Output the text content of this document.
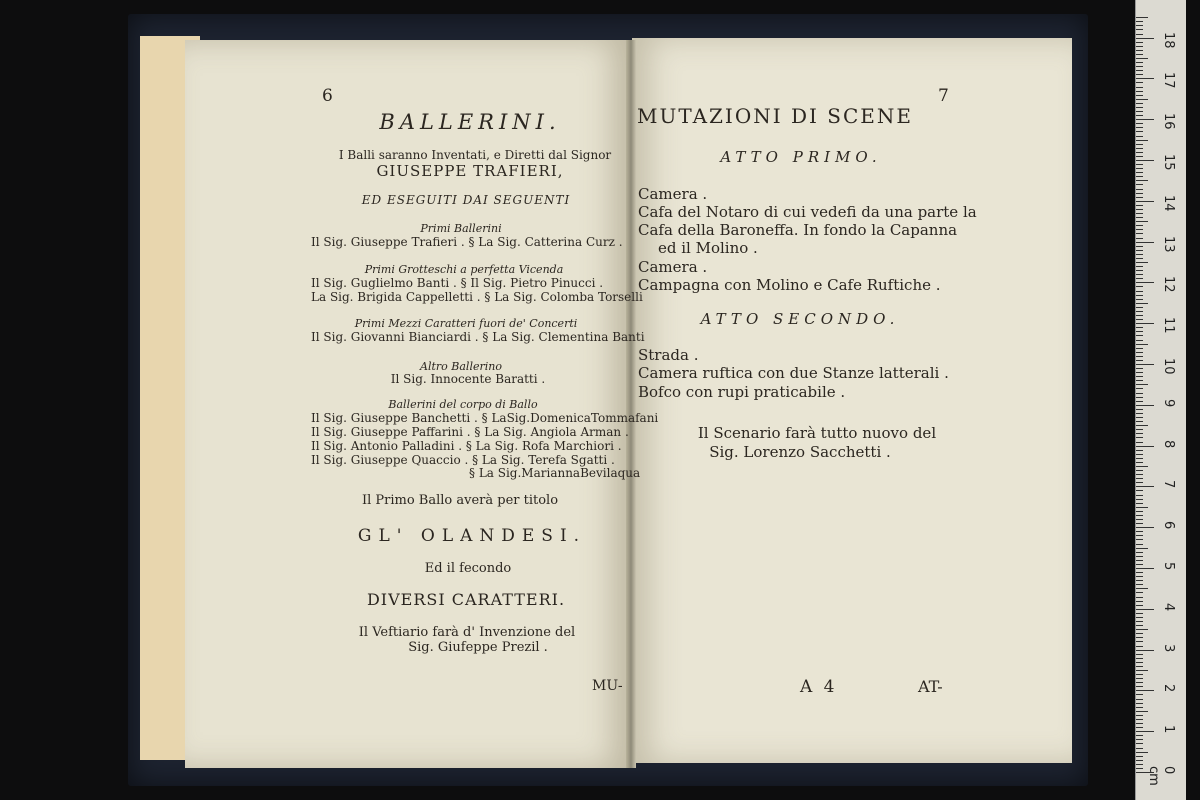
6
BALLERINI.
I Balli saranno Inventati, e Diretti dal Signor
GIUSEPPE TRAFIERI,
ED ESEGUITI DAI SEGUENTI
Primi Ballerini
Il Sig. Giuseppe Trafieri . § La Sig. Catterina Curz .
Primi Grotteschi a perfetta Vicenda
Il Sig. Guglielmo Banti . § Il Sig. Pietro Pinucci .
La Sig. Brigida Cappelletti . § La Sig. Colomba Torselli
Primi Mezzi Caratteri fuori de' Concerti
Il Sig. Giovanni Bianciardi . § La Sig. Clementina Banti
Altro Ballerino
Il Sig. Innocente Baratti .
Ballerini del corpo di Ballo
Il Sig. Giuseppe Banchetti . § LaSig.DomenicaTommafani
Il Sig. Giuseppe Paffarini . § La Sig. Angiola Arman .
Il Sig. Antonio Palladini . § La Sig. Rofa Marchiori .
Il Sig. Giuseppe Quaccio . § La Sig. Terefa Sgatti .
§ La Sig.MariannaBevilaqua
Il Primo Ballo averà per titolo
GL' OLANDESI.
Ed il fecondo
DIVERSI CARATTERI.
Il Veftiario farà d' Invenzione del
Sig. Giufeppe Prezil .
MU-
7
MUTAZIONI DI SCENE
ATTO PRIMO.
Camera .
Cafa del Notaro di cui vedefi da una parte la
Cafa della Baroneffa. In fondo la Capanna
ed il Molino .
Camera .
Campagna con Molino e Cafe Ruftiche .
ATTO SECONDO.
Strada .
Camera ruftica con due Stanze latterali .
Bofco con rupi praticabile .
Il Scenario farà tutto nuovo del
Sig. Lorenzo Sacchetti .
A 4	AT-
0 cm
1
2
3
4
5
6
7
8
9
10
11
12
13
14
15
16
17
18
